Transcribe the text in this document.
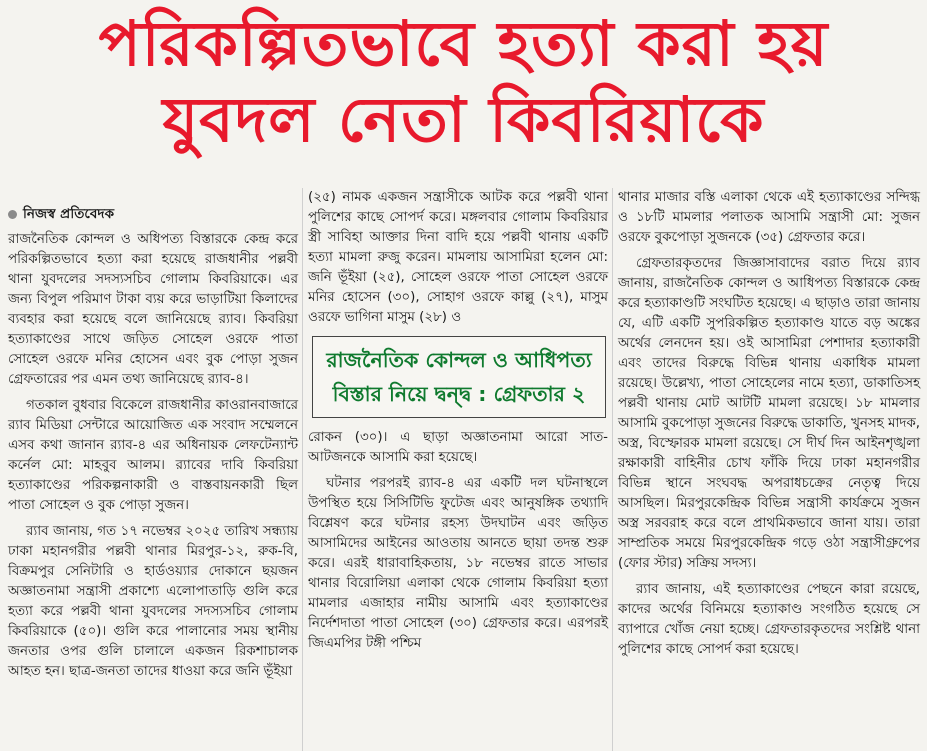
পরিকল্পিতভাবে হত্যা করা হয়
যুবদল নেতা কিবরিয়াকে
নিজস্ব প্রতিবেদক

রাজনৈতিক কোন্দল ও অধিপত্য বিস্তারকে কেন্দ্র করে পরিকল্পিতভাবে হত্যা করা হয়েছে রাজধানীর পল্লবী থানা যুবদলের সদস্যসচিব গোলাম কিবরিয়াকে। এর জন্য বিপুল পরিমাণ টাকা ব্যয় করে ভাড়াটিয়া কিলাদের ব্যবহার করা হয়েছে বলে জানিয়েছে র‍্যাব। কিবরিয়া হত্যাকাণ্ডের সাথে জড়িত সোহেল ওরফে পাতা সোহেল ওরফে মনির হোসেন এবং বুক পোড়া সুজন গ্রেফতারের পর এমন তথ্য জানিয়েছে র‍্যাব-৪।

গতকাল বুধবার বিকেলে রাজধানীর কাওরানবাজারে র‍্যাব মিডিয়া সেন্টারে আয়োজিত এক সংবাদ সম্মেলনে এসব কথা জানান র‍্যাব-৪ এর অধিনায়ক লেফটেন্যান্ট কর্নেল মো: মাহবুব আলম। র‍্যাবের দাবি কিবরিয়া হত্যাকাণ্ডের পরিকল্পনাকারী ও বাস্তবায়নকারী ছিল পাতা সোহেল ও বুক পোড়া সুজন।

র‍্যাব জানায়, গত ১৭ নভেম্বর ২০২৫ তারিখ সন্ধ্যায় ঢাকা মহানগরীর পল্লবী থানার মিরপুর-১২, রুক-বি, বিক্রমপুর সেনিটারি ও হার্ডওয়্যার দোকানে ছয়জন অজ্ঞাতনামা সন্ত্রাসী প্রকাশ্যে এলোপাতাড়ি গুলি করে হত্যা করে পল্লবী থানা যুবদলের সদস্যসচিব গোলাম কিবরিয়াকে (৫০)। গুলি করে পালানোর সময় স্থানীয় জনতার ওপর গুলি চালালে একজন রিকশাচালক আহত হন। ছাত্র-জনতা তাদের ধাওয়া করে জনি ভূঁইয়া

(২৫) নামক একজন সন্ত্রাসীকে আটক করে পল্লবী থানা পুলিশের কাছে সোপর্দ করে। মঙ্গলবার গোলাম কিবরিয়ার স্ত্রী সাবিহা আক্তার দিনা বাদি হয়ে পল্লবী থানায় একটি হত্যা মামলা রুজু করেন। মামলায় আসামিরা হলেন মো: জনি ভূঁইয়া (২৫), সোহেল ওরফে পাতা সোহেল ওরফে মনির হোসেন (৩০), সোহাগ ওরফে কাল্লু (২৭), মাসুম ওরফে ভাগিনা মাসুম (২৮) ও

রাজনৈতিক কোন্দল ও আধিপত্য বিস্তার নিয়ে দ্বন্দ্ব : গ্রেফতার ২

রোকন (৩০)। এ ছাড়া অজ্ঞাতনামা আরো সাত-আটজনকে আসামি করা হয়েছে।

ঘটনার পরপরই র‍্যাব-৪ এর একটি দল ঘটনাস্থলে উপস্থিত হয়ে সিসিটিভি ফুটেজ এবং আনুষঙ্গিক তথ্যাদি বিশ্লেষণ করে ঘটনার রহস্য উদঘাটন এবং জড়িত আসামিদের আইনের আওতায় আনতে ছায়া তদন্ত শুরু করে। এরই ধারাবাহিকতায়, ১৮ নভেম্বর রাতে সাভার থানার বিরোলিয়া এলাকা থেকে গোলাম কিবরিয়া হত্যা মামলার এজাহার নামীয় আসামি এবং হত্যাকাণ্ডের নির্দেশদাতা পাতা সোহেল (৩০) গ্রেফতার করে। এরপরই জিএমপির টঙ্গী পশ্চিম

থানার মাজার বস্তি এলাকা থেকে এই হত্যাকাণ্ডের সন্দিগ্ধ ও ১৮টি মামলার পলাতক আসামি সন্ত্রাসী মো: সুজন ওরফে বুকপোড়া সুজনকে (৩৫) গ্রেফতার করে।

গ্রেফতারকৃতদের জিজ্ঞাসাবাদের বরাত দিয়ে র‍্যাব জানায়, রাজনৈতিক কোন্দল ও আধিপত্য বিস্তারকে কেন্দ্র করে হত্যাকাণ্ডটি সংঘটিত হয়েছে। এ ছাড়াও তারা জানায় যে, এটি একটি সুপরিকল্পিত হত্যাকাণ্ড যাতে বড় অঙ্কের অর্থের লেনদেন হয়। ওই আসামিরা পেশাদার হত্যাকারী এবং তাদের বিরুদ্ধে বিভিন্ন থানায় একাধিক মামলা রয়েছে। উল্লেখ্য, পাতা সোহেলের নামে হত্যা, ডাকাতিসহ পল্লবী থানায় মোট আটটি মামলা রয়েছে। ১৮ মামলার আসামি বুকপোড়া সুজনের বিরুদ্ধে ডাকাতি, খুনসহ মাদক, অস্ত্র, বিস্ফোরক মামলা রয়েছে। সে দীর্ঘ দিন আইনশৃঙ্খলা রক্ষাকারী বাহিনীর চোখ ফাঁকি দিয়ে ঢাকা মহানগরীর বিভিন্ন স্থানে সংঘবদ্ধ অপরাধচক্রের নেতৃত্ব দিয়ে আসছিল। মিরপুরকেন্দ্রিক বিভিন্ন সন্ত্রাসী কার্যক্রমে সুজন অস্ত্র সরবরাহ করে বলে প্রাথমিকভাবে জানা যায়। তারা সাম্প্রতিক সময়ে মিরপুরকেন্দ্রিক গড়ে ওঠা সন্ত্রাসীগ্রুপের (ফোর স্টার) সক্রিয় সদস্য।

র‍্যাব জানায়, এই হত্যাকাণ্ডের পেছনে কারা রয়েছে, কাদের অর্থের বিনিময়ে হত্যাকাণ্ড সংগঠিত হয়েছে সে ব্যাপারে খোঁজ নেয়া হচ্ছে। গ্রেফতারকৃতদের সংশ্লিষ্ট থানা পুলিশের কাছে সোপর্দ করা হয়েছে।
